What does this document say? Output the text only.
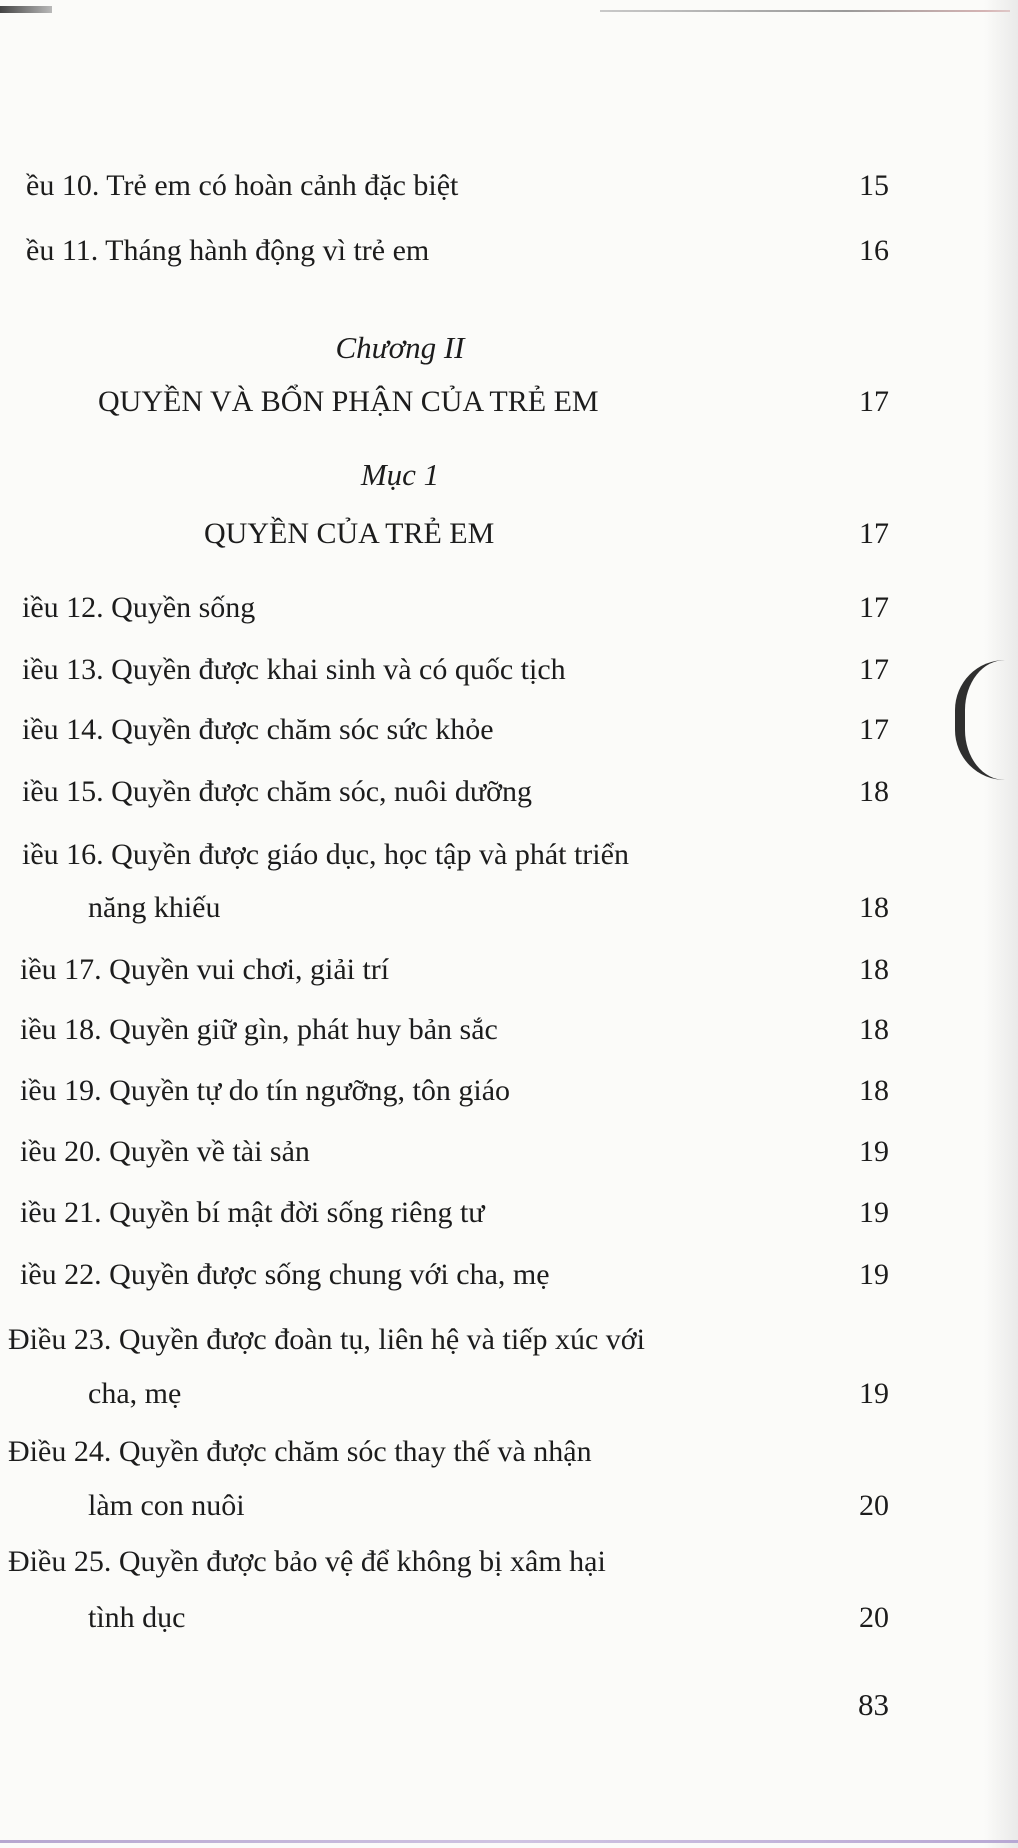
ều 10. Trẻ em có hoàn cảnh đặc biệt	15
ều 11. Tháng hành động vì trẻ em	16
Chương II
QUYỀN VÀ BỔN PHẬN CỦA TRẺ EM	17
Mục 1
QUYỀN CỦA TRẺ EM	17
iều 12. Quyền sống	17
iều 13. Quyền được khai sinh và có quốc tịch	17
iều 14. Quyền được chăm sóc sức khỏe	17
iều 15. Quyền được chăm sóc, nuôi dưỡng	18
iều 16. Quyền được giáo dục, học tập và phát triển
năng khiếu	18
iều 17. Quyền vui chơi, giải trí	18
iều 18. Quyền giữ gìn, phát huy bản sắc	18
iều 19. Quyền tự do tín ngưỡng, tôn giáo	18
iều 20. Quyền về tài sản	19
iều 21. Quyền bí mật đời sống riêng tư	19
iều 22. Quyền được sống chung với cha, mẹ	19
Điều 23. Quyền được đoàn tụ, liên hệ và tiếp xúc với
cha, mẹ	19
Điều 24. Quyền được chăm sóc thay thế và nhận
làm con nuôi	20
Điều 25. Quyền được bảo vệ để không bị xâm hại
tình dục	20
83
